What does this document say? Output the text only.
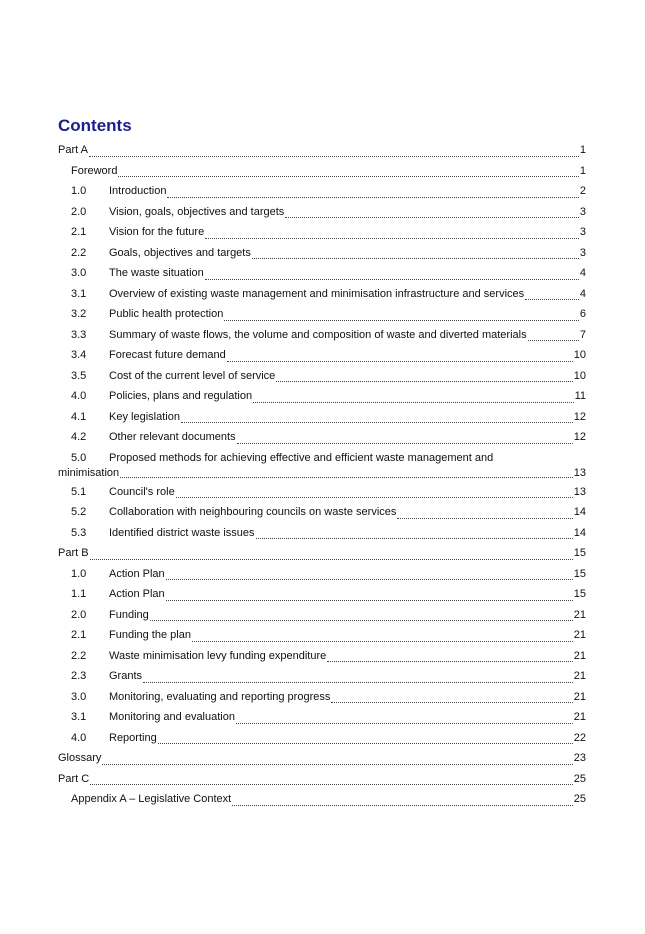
Contents
Part A	1
Foreword	1
1.0	Introduction	2
2.0	Vision, goals, objectives and targets	3
2.1	Vision for the future	3
2.2	Goals, objectives and targets	3
3.0	The waste situation	4
3.1	Overview of existing waste management and minimisation infrastructure and services	4
3.2	Public health protection	6
3.3	Summary of waste flows, the volume and composition of waste and diverted materials	7
3.4	Forecast future demand	10
3.5	Cost of the current level of service	10
4.0	Policies, plans and regulation	11
4.1	Key legislation	12
4.2	Other relevant documents	12
5.0	Proposed methods for achieving effective and efficient waste management and
minimisation	13
5.1	Council's role	13
5.2	Collaboration with neighbouring councils on waste services	14
5.3	Identified district waste issues	14
Part B	15
1.0	Action Plan	15
1.1	Action Plan	15
2.0	Funding	21
2.1	Funding the plan	21
2.2	Waste minimisation levy funding expenditure	21
2.3	Grants	21
3.0	Monitoring, evaluating and reporting progress	21
3.1	Monitoring and evaluation	21
4.0	Reporting	22
Glossary	23
Part C	25
Appendix A – Legislative Context	25
